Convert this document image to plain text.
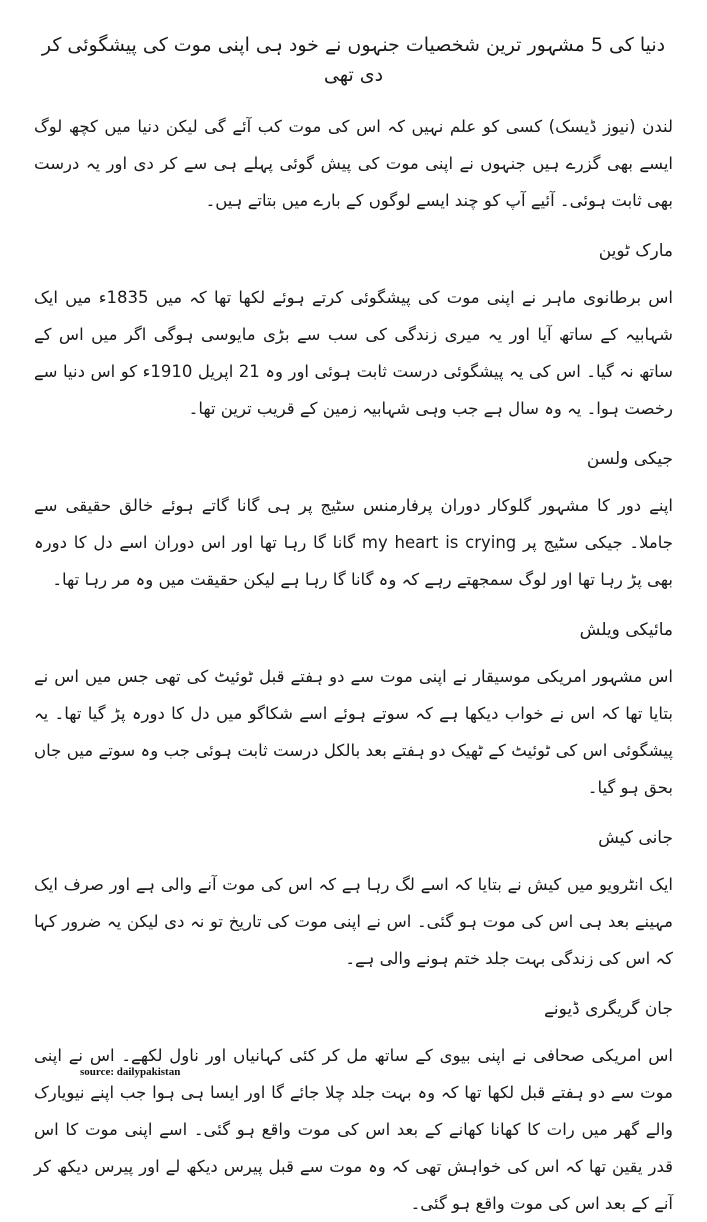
دنیا کی 5 مشہور ترین شخصیات جنہوں نے خود ہی اپنی موت کی پیشگوئی کر دی تھی

لندن (نیوز ڈیسک) کسی کو علم نہیں کہ اس کی موت کب آئے گی لیکن دنیا میں کچھ لوگ ایسے بھی گزرے ہیں جنہوں نے اپنی موت کی پیش گوئی پہلے ہی سے کر دی اور یہ درست بھی ثابت ہوئی۔ آئیے آپ کو چند ایسے لوگوں کے بارے میں بتاتے ہیں۔

مارک ٹوین

اس برطانوی ماہر نے اپنی موت کی پیشگوئی کرتے ہوئے لکھا تھا کہ میں 1835ء میں ایک شہابیہ کے ساتھ آیا اور یہ میری زندگی کی سب سے بڑی مایوسی ہوگی اگر میں اس کے ساتھ نہ گیا۔ اس کی یہ پیشگوئی درست ثابت ہوئی اور وہ 21 اپریل 1910ء کو اس دنیا سے رخصت ہوا۔ یہ وہ سال ہے جب وہی شہابیہ زمین کے قریب ترین تھا۔

جیکی ولسن

اپنے دور کا مشہور گلوکار دوران پرفارمنس سٹیج پر ہی گانا گاتے ہوئے خالق حقیقی سے جاملا۔ جیکی سٹیج پر my heart is crying گانا گا رہا تھا اور اس دوران اسے دل کا دورہ بھی پڑ رہا تھا اور لوگ سمجھتے رہے کہ وہ گانا گا رہا ہے لیکن حقیقت میں وہ مر رہا تھا۔

مائیکی ویلش

اس مشہور امریکی موسیقار نے اپنی موت سے دو ہفتے قبل ٹوئیٹ کی تھی جس میں اس نے بتایا تھا کہ اس نے خواب دیکھا ہے کہ سوتے ہوئے اسے شکاگو میں دل کا دورہ پڑ گیا تھا۔ یہ پیشگوئی اس کی ٹوئیٹ کے ٹھیک دو ہفتے بعد بالکل درست ثابت ہوئی جب وہ سوتے میں جاں بحق ہو گیا۔

جانی کیش

ایک انٹرویو میں کیش نے بتایا کہ اسے لگ رہا ہے کہ اس کی موت آنے والی ہے اور صرف ایک مہینے بعد ہی اس کی موت ہو گئی۔ اس نے اپنی موت کی تاریخ تو نہ دی لیکن یہ ضرور کہا کہ اس کی زندگی بہت جلد ختم ہونے والی ہے۔

جان گریگری ڈیونے

اس امریکی صحافی نے اپنی بیوی کے ساتھ مل کر کئی کہانیاں اور ناول لکھے۔ اس نے اپنی موت سے دو ہفتے قبل لکھا تھا کہ وہ بہت جلد چلا جائے گا اور ایسا ہی ہوا جب اپنے نیویارک والے گھر میں رات کا کھانا کھانے کے بعد اس کی موت واقع ہو گئی۔ اسے اپنی موت کا اس قدر یقین تھا کہ اس کی خواہش تھی کہ وہ موت سے قبل پیرس دیکھ لے اور پیرس دیکھ کر آنے کے بعد اس کی موت واقع ہو گئی۔

source: dailypakistan
